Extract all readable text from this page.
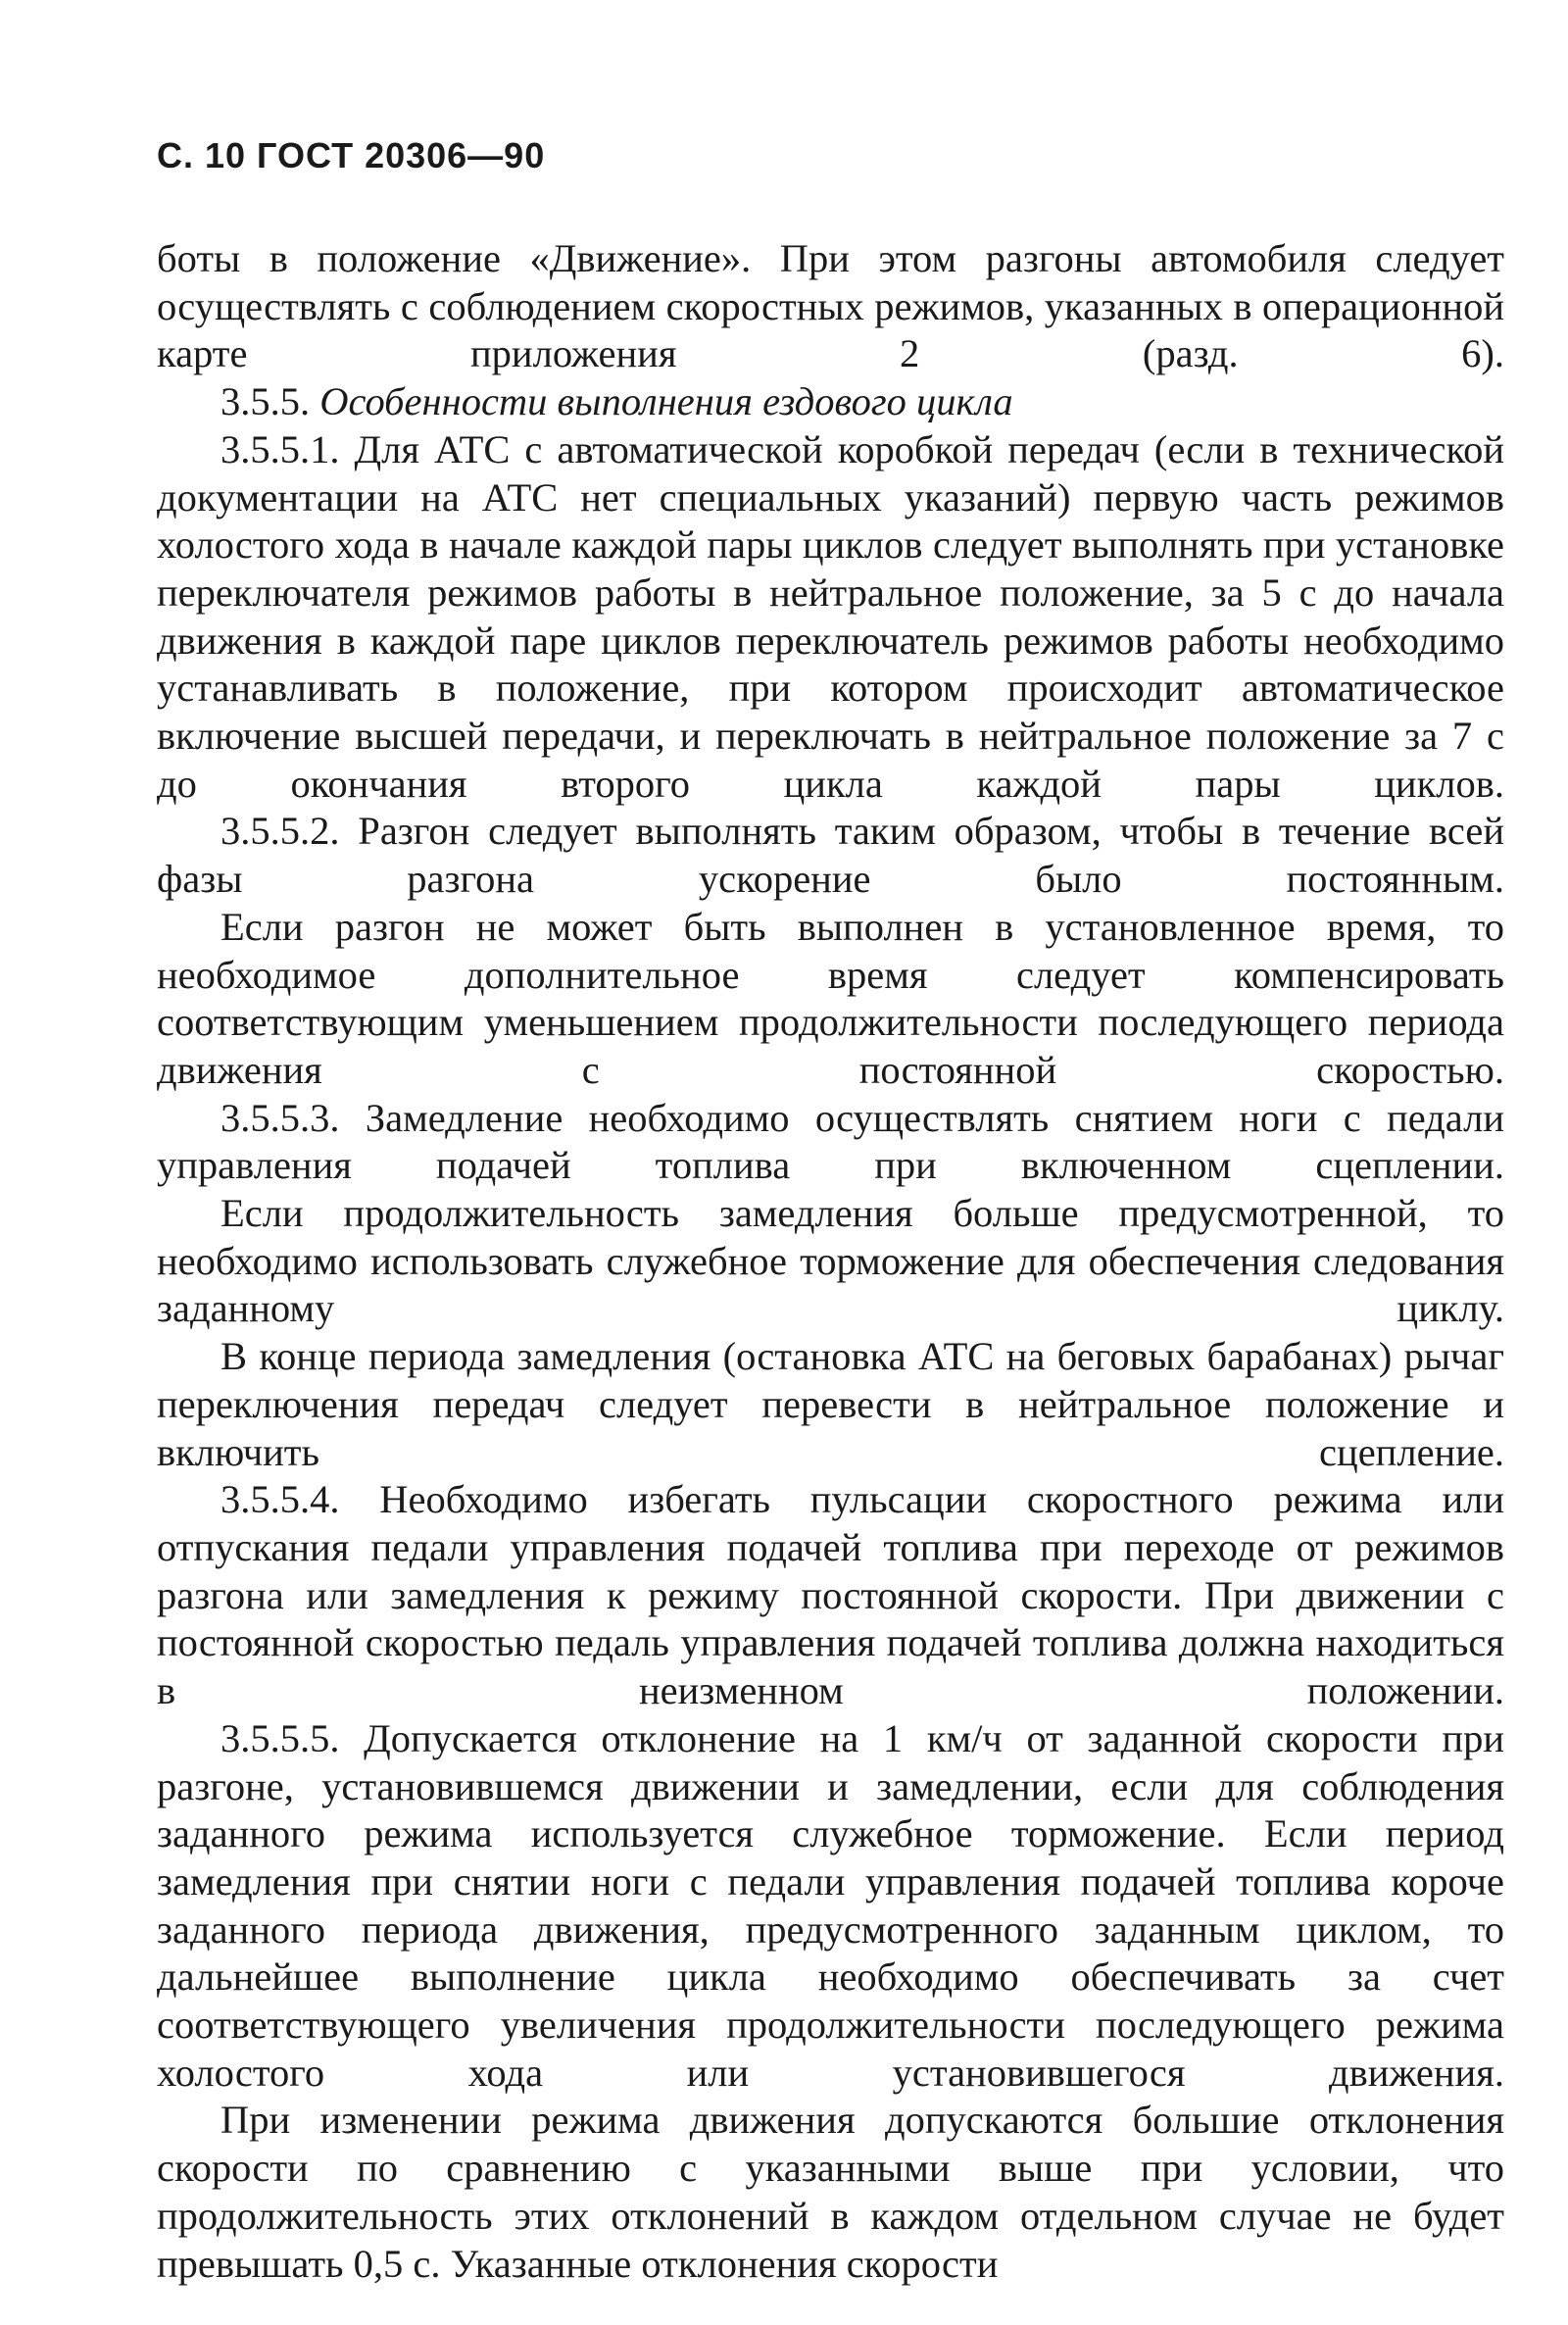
С. 10 ГОСТ 20306—90

боты в положение «Движение». При этом разгоны автомобиля следует осуществлять с соблюдением скоростных режимов, указанных в операционной карте приложения 2 (разд. 6).

3.5.5. Особенности выполнения ездового цикла

3.5.5.1. Для АТС с автоматической коробкой передач (если в технической документации на АТС нет специальных указаний) первую часть режимов холостого хода в начале каждой пары циклов следует выполнять при установке переключателя режимов работы в нейтральное положение, за 5 с до начала движения в каждой паре циклов переключатель режимов работы необходимо устанавливать в положение, при котором происходит автоматическое включение высшей передачи, и переключать в нейтральное положение за 7 с до окончания второго цикла каждой пары циклов.

3.5.5.2. Разгон следует выполнять таким образом, чтобы в течение всей фазы разгона ускорение было постоянным.

Если разгон не может быть выполнен в установленное время, то необходимое дополнительное время следует компенсировать соответствующим уменьшением продолжительности последующего периода движения с постоянной скоростью.

3.5.5.3. Замедление необходимо осуществлять снятием ноги с педали управления подачей топлива при включенном сцеплении.

Если продолжительность замедления больше предусмотренной, то необходимо использовать служебное торможение для обеспечения следования заданному циклу.

В конце периода замедления (остановка АТС на беговых барабанах) рычаг переключения передач следует перевести в нейтральное положение и включить сцепление.

3.5.5.4. Необходимо избегать пульсации скоростного режима или отпускания педали управления подачей топлива при переходе от режимов разгона или замедления к режиму постоянной скорости. При движении с постоянной скоростью педаль управления подачей топлива должна находиться в неизменном положении.

3.5.5.5. Допускается отклонение на 1 км/ч от заданной скорости при разгоне, установившемся движении и замедлении, если для соблюдения заданного режима используется служебное торможение. Если период замедления при снятии ноги с педали управления подачей топлива короче заданного периода движения, предусмотренного заданным циклом, то дальнейшее выполнение цикла необходимо обеспечивать за счет соответствующего увеличения продолжительности последующего режима холостого хода или установившегося движения.

При изменении режима движения допускаются большие отклонения скорости по сравнению с указанными выше при условии, что продолжительность этих отклонений в каждом отдельном случае не будет превышать 0,5 с. Указанные отклонения скорости
